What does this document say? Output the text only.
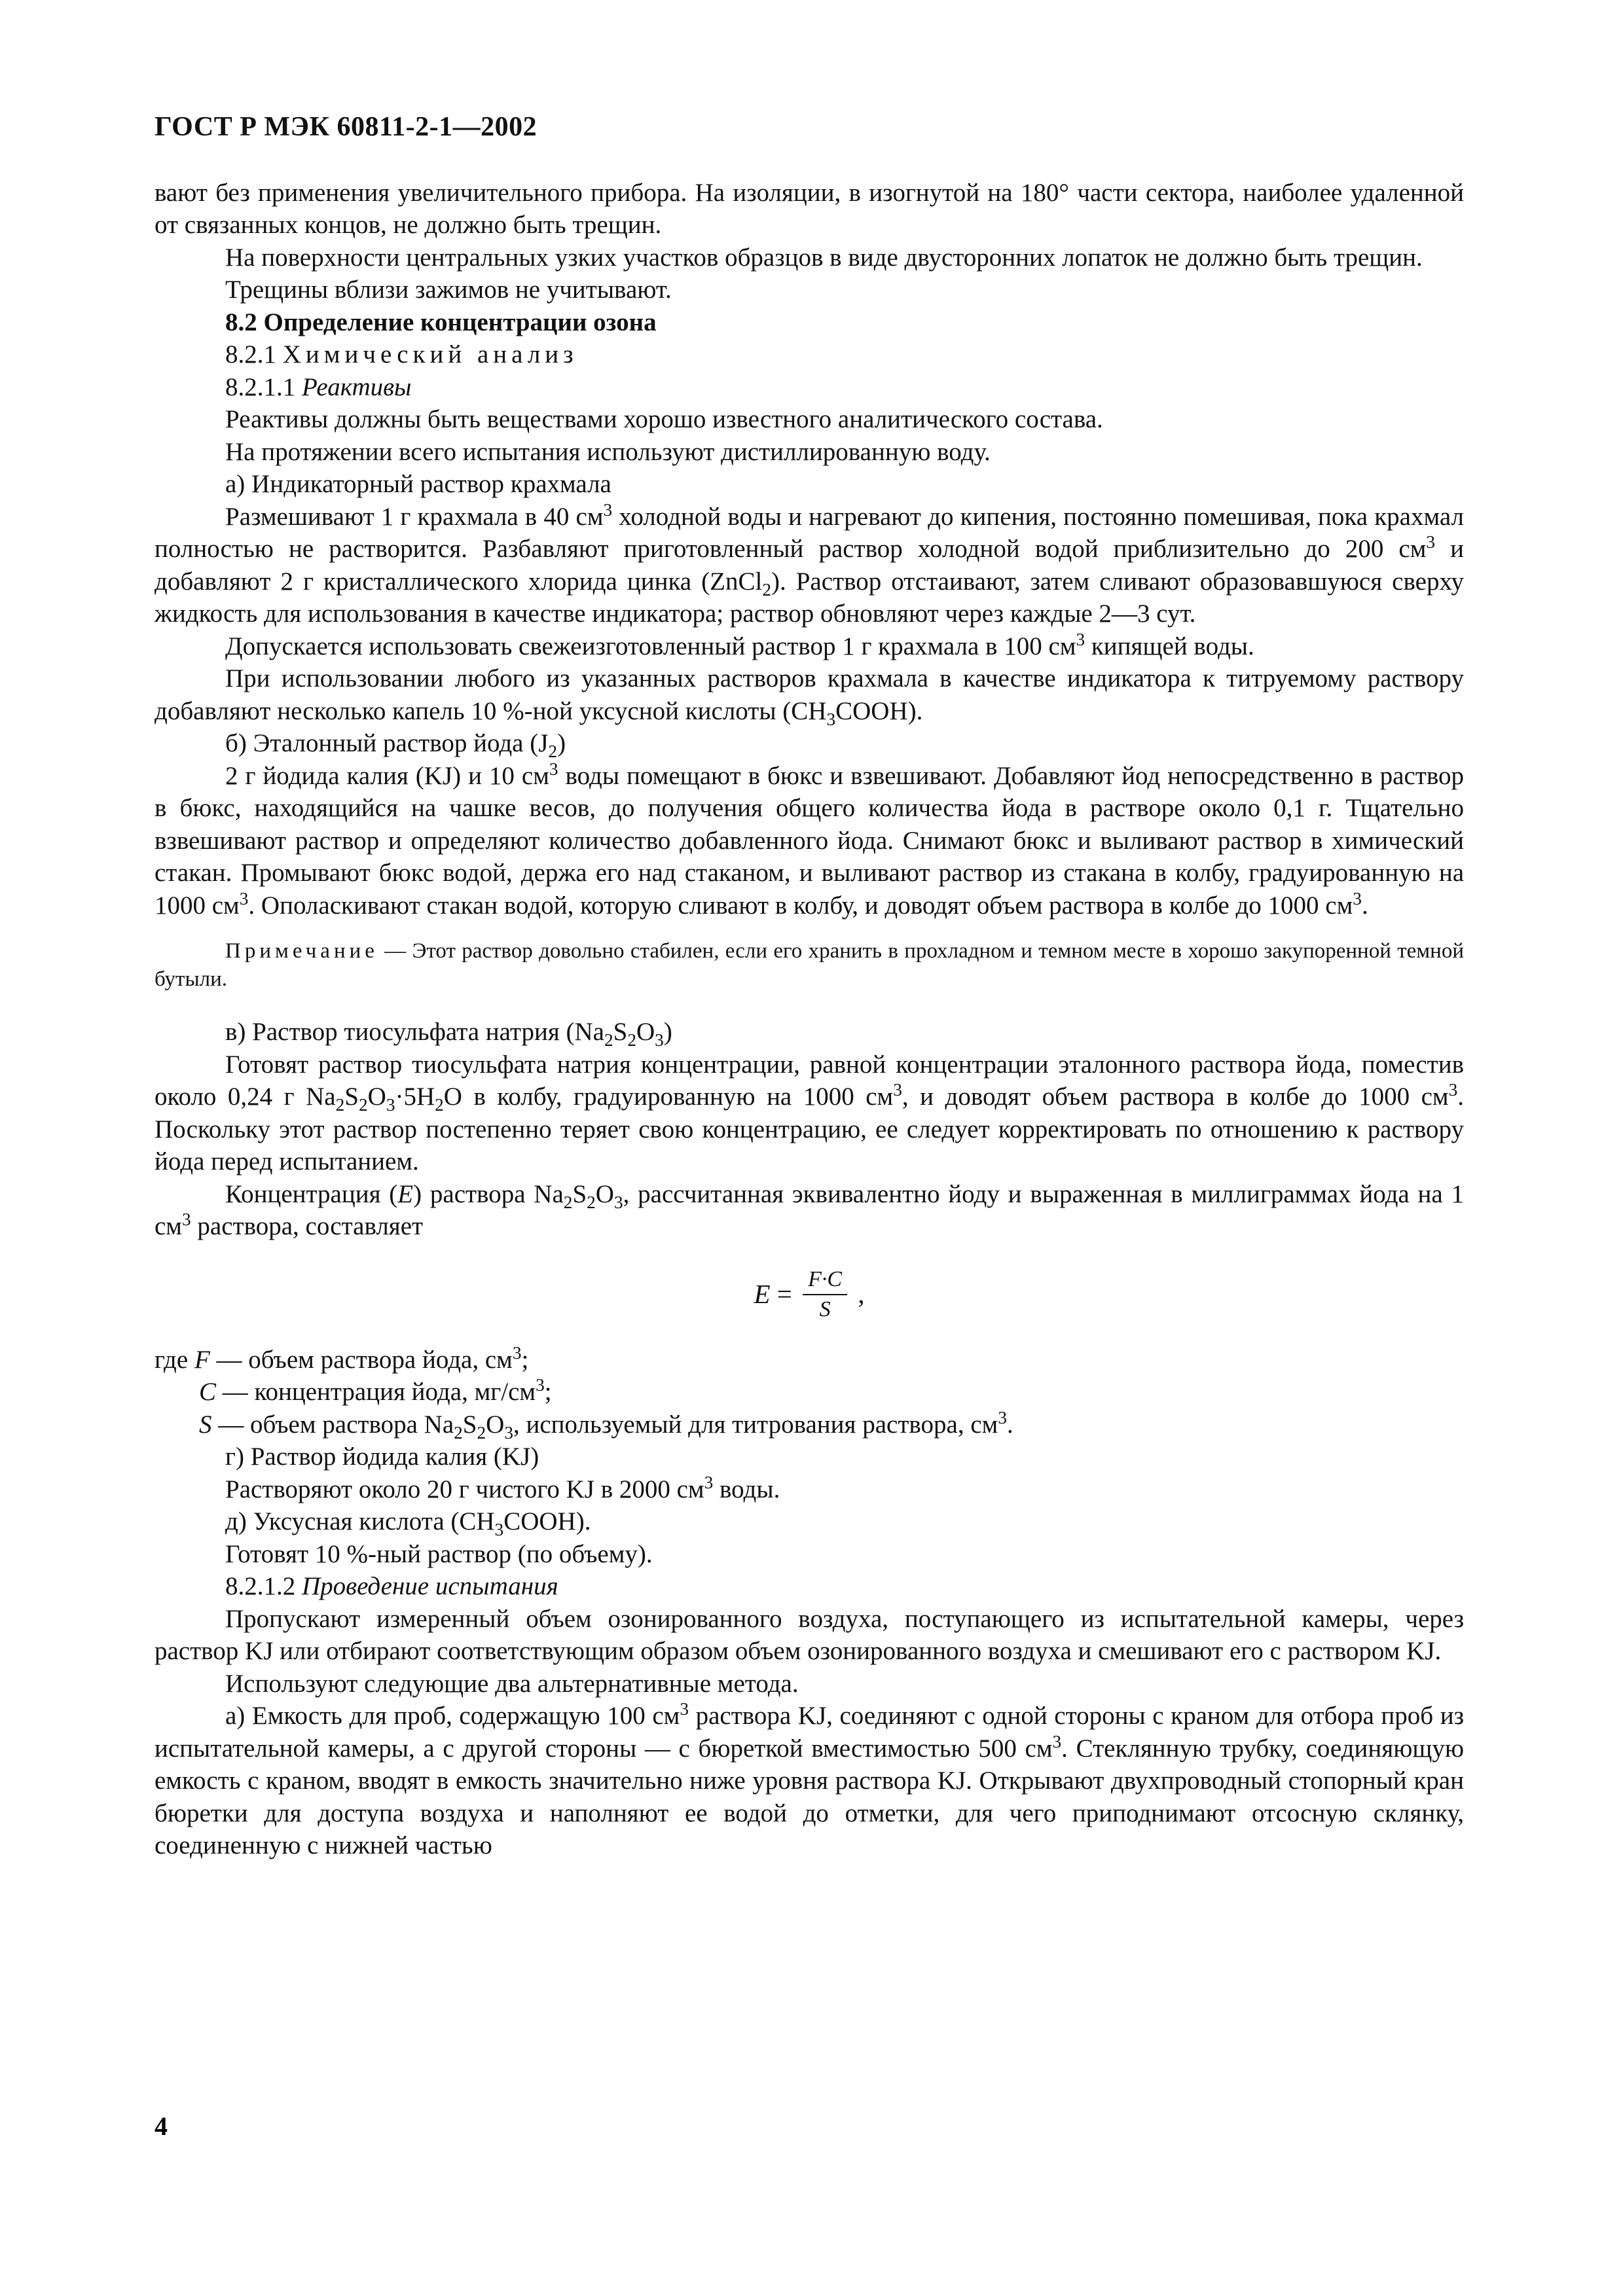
ГОСТ Р МЭК 60811-2-1—2002

вают без применения увеличительного прибора. На изоляции, в изогнутой на 180° части сектора, наиболее удаленной от связанных концов, не должно быть трещин.

На поверхности центральных узких участков образцов в виде двусторонних лопаток не должно быть трещин.

Трещины вблизи зажимов не учитывают.

8.2 Определение концентрации озона

8.2.1 Химический анализ

8.2.1.1 Реактивы

Реактивы должны быть веществами хорошо известного аналитического состава.

На протяжении всего испытания используют дистиллированную воду.

а) Индикаторный раствор крахмала

Размешивают 1 г крахмала в 40 $см^3$ холодной воды и нагревают до кипения, постоянно помешивая, пока крахмал полностью не растворится. Разбавляют приготовленный раствор холодной водой приблизительно до 200 $см^3$ и добавляют 2 г кристаллического хлорида цинка (ZnCl$_2$). Раствор отстаивают, затем сливают образовавшуюся сверху жидкость для использования в качестве индикатора; раствор обновляют через каждые 2—3 сут.

Допускается использовать свежеизготовленный раствор 1 г крахмала в 100 $см^3$ кипящей воды.

При использовании любого из указанных растворов крахмала в качестве индикатора к титруемому раствору добавляют несколько капель 10 %-ной уксусной кислоты $(CH_3COOH)$.

б) Эталонный раствор йода $(J_2)$

2 г йодида калия (KJ) и 10 $см^3$ воды помещают в бюкс и взвешивают. Добавляют йод непосредственно в раствор в бюкс, находящийся на чашке весов, до получения общего количества йода в растворе около 0,1 г. Тщательно взвешивают раствор и определяют количество добавленного йода. Снимают бюкс и выливают раствор в химический стакан. Промывают бюкс водой, держа его над стаканом, и выливают раствор из стакана в колбу, градуированную на 1000 $см^3$. Ополаскивают стакан водой, которую сливают в колбу, и доводят объем раствора в колбе до 1000 $см^3$.

Примечание — Этот раствор довольно стабилен, если его хранить в прохладном и темном месте в хорошо закупоренной темной бутыли.

в) Раствор тиосульфата натрия $(Na_2S_2O_3)$

Готовят раствор тиосульфата натрия концентрации, равной концентрации эталонного раствора йода, поместив около 0,24 г $Na_2S_2O_3\cdot 5H_2O$ в колбу, градуированную на 1000 $см^3$, и доводят объем раствора в колбе до 1000 $см^3$. Поскольку этот раствор постепенно теряет свою концентрацию, ее следует корректировать по отношению к раствору йода перед испытанием.

Концентрация (E) раствора $Na_2S_2O_3$, рассчитанная эквивалентно йоду и выраженная в миллиграммах йода на 1 $см^3$ раствора, составляет

$E = \frac{F\cdot C}{S}$ ,

где F — объем раствора йода, $см^3$;

C — концентрация йода, $мг/см^3$;

S — объем раствора $Na_2S_2O_3$, используемый для титрования раствора, $см^3$.

г) Раствор йодида калия (KJ)

Растворяют около 20 г чистого KJ в 2000 $см^3$ воды.

д) Уксусная кислота $(CH_3COOH)$.

Готовят 10 %-ный раствор (по объему).

8.2.1.2 Проведение испытания

Пропускают измеренный объем озонированного воздуха, поступающего из испытательной камеры, через раствор KJ или отбирают соответствующим образом объем озонированного воздуха и смешивают его с раствором KJ.

Используют следующие два альтернативные метода.

а) Емкость для проб, содержащую 100 $см^3$ раствора KJ, соединяют с одной стороны с краном для отбора проб из испытательной камеры, а с другой стороны — с бюреткой вместимостью 500 $см^3$. Стеклянную трубку, соединяющую емкость с краном, вводят в емкость значительно ниже уровня раствора KJ. Открывают двухпроводный стопорный кран бюретки для доступа воздуха и наполняют ее водой до отметки, для чего приподнимают отсосную склянку, соединенную с нижней частью

4
